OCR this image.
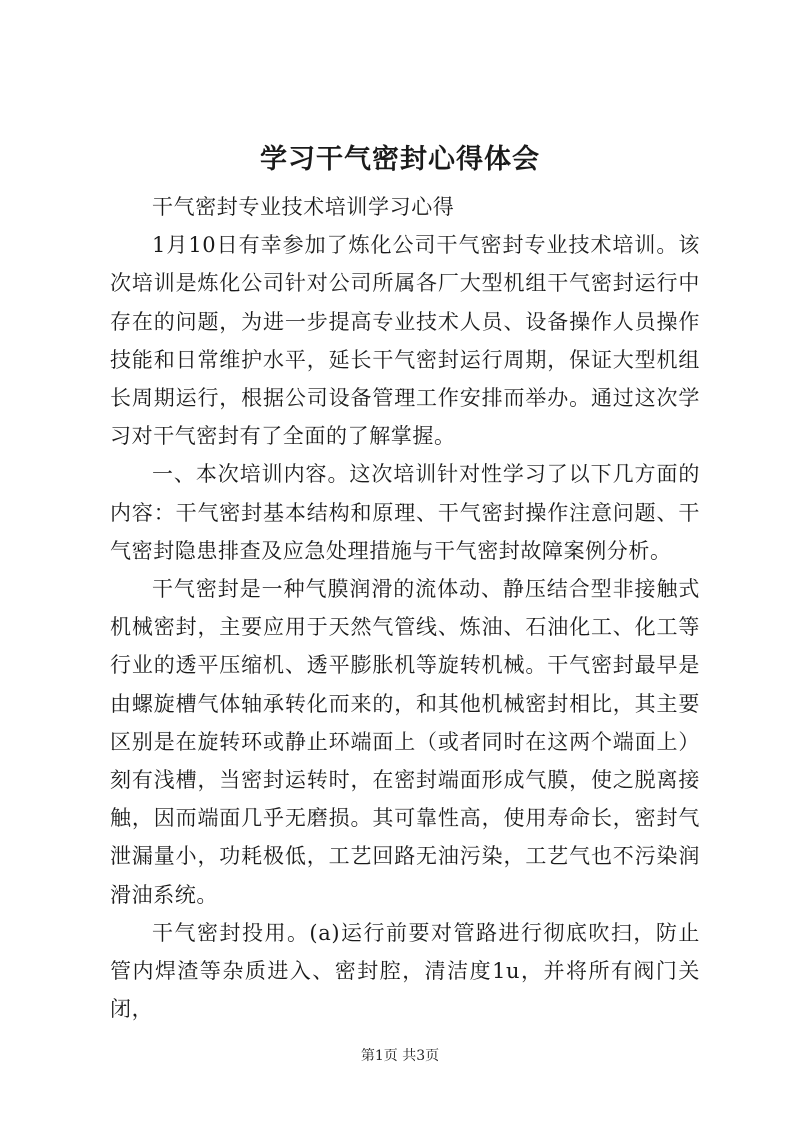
学习干气密封心得体会

干气密封专业技术培训学习心得

1月10日有幸参加了炼化公司干气密封专业技术培训。该次培训是炼化公司针对公司所属各厂大型机组干气密封运行中存在的问题，为进一步提高专业技术人员、设备操作人员操作技能和日常维护水平，延长干气密封运行周期，保证大型机组长周期运行，根据公司设备管理工作安排而举办。通过这次学习对干气密封有了全面的了解掌握。

一、本次培训内容。这次培训针对性学习了以下几方面的内容：干气密封基本结构和原理、干气密封操作注意问题、干气密封隐患排查及应急处理措施与干气密封故障案例分析。

干气密封是一种气膜润滑的流体动、静压结合型非接触式机械密封，主要应用于天然气管线、炼油、石油化工、化工等行业的透平压缩机、透平膨胀机等旋转机械。干气密封最早是由螺旋槽气体轴承转化而来的，和其他机械密封相比，其主要区别是在旋转环或静止环端面上（或者同时在这两个端面上）刻有浅槽，当密封运转时，在密封端面形成气膜，使之脱离接触，因而端面几乎无磨损。其可靠性高，使用寿命长，密封气泄漏量小，功耗极低，工艺回路无油污染，工艺气也不污染润滑油系统。

干气密封投用。(a)运行前要对管路进行彻底吹扫，防止管内焊渣等杂质进入、密封腔，清洁度1u，并将所有阀门关闭，

第1页 共3页
